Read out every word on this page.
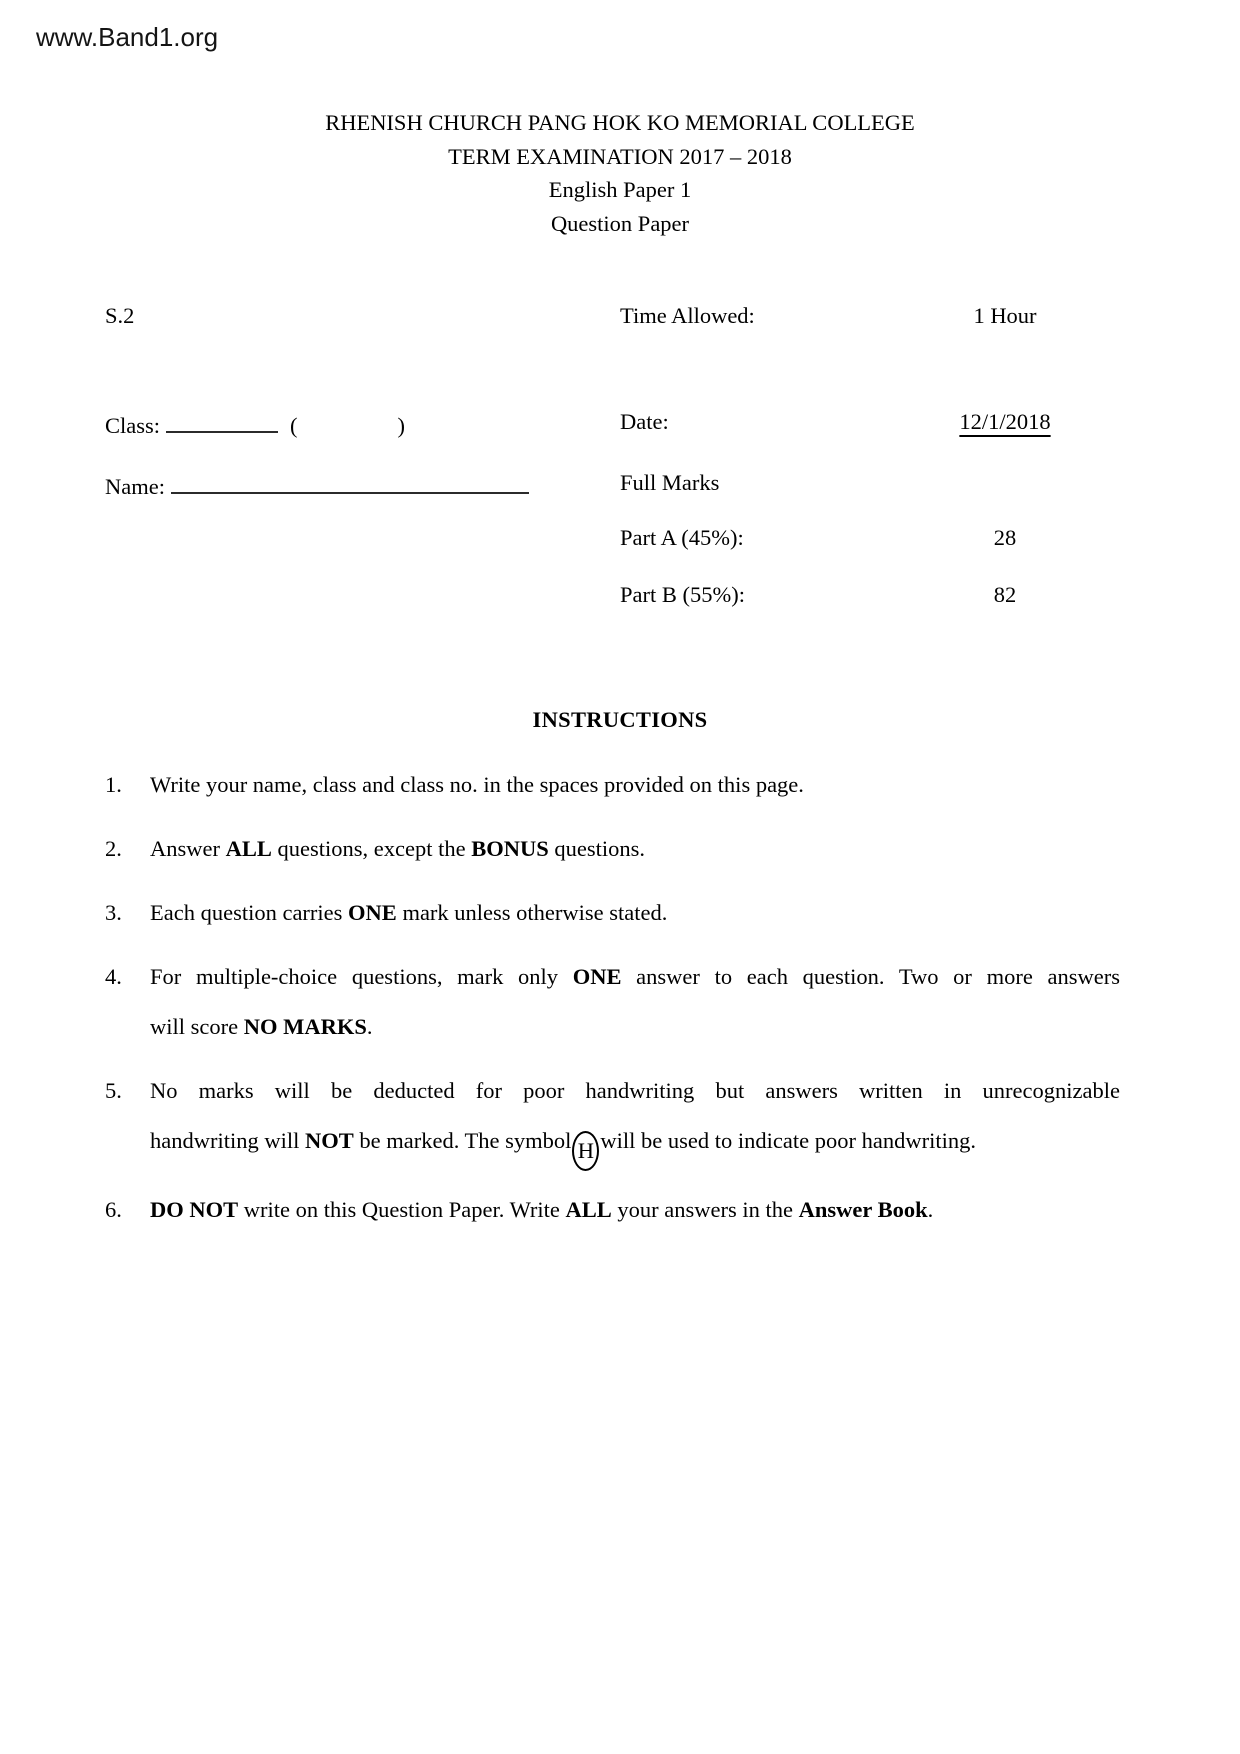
www.Band1.org
RHENISH CHURCH PANG HOK KO MEMORIAL COLLEGE
TERM EXAMINATION 2017 – 2018
English Paper 1
Question Paper
S.2	Time Allowed:	1 Hour
Class:	(	)	Date:	12/1/2018
Name:	Full Marks
Part A (45%):	28
Part B (55%):	82
INSTRUCTIONS
1.	Write your name, class and class no. in the spaces provided on this page.
2.	Answer ALL questions, except the BONUS questions.
3.	Each question carries ONE mark unless otherwise stated.
4.	For multiple-choice questions, mark only ONE answer to each question. Two or more answers
will score NO MARKS.
5.	No marks will be deducted for poor handwriting but answers written in unrecognizable
handwriting will NOT be marked. The symbol H will be used to indicate poor handwriting.
6.	DO NOT write on this Question Paper. Write ALL your answers in the Answer Book.
